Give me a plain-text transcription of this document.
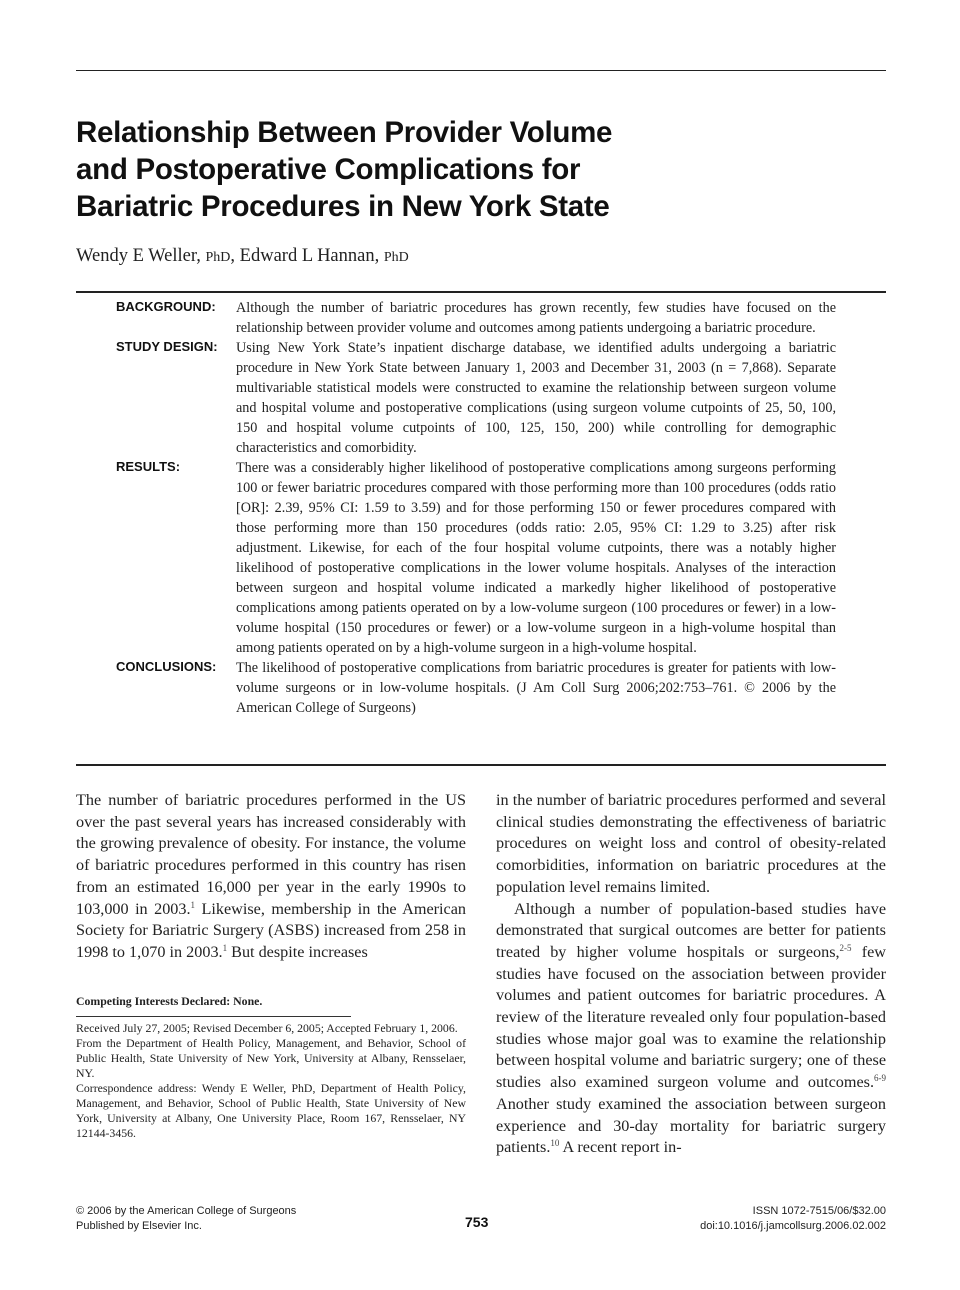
Relationship Between Provider Volume
and Postoperative Complications for
Bariatric Procedures in New York State
Wendy E Weller, PhD, Edward L Hannan, PhD
BACKGROUND: Although the number of bariatric procedures has grown recently, few studies have focused on the relationship between provider volume and outcomes among patients undergoing a bariatric procedure.
STUDY DESIGN: Using New York State’s inpatient discharge database, we identified adults undergoing a bariatric procedure in New York State between January 1, 2003 and December 31, 2003 (n = 7,868). Separate multivariable statistical models were constructed to examine the relationship between surgeon volume and hospital volume and postoperative complications (using surgeon volume cutpoints of 25, 50, 100, 150 and hospital volume cutpoints of 100, 125, 150, 200) while controlling for demographic characteristics and comorbidity.
RESULTS:	There was a considerably higher likelihood of postoperative complications among surgeons performing 100 or fewer bariatric procedures compared with those performing more than 100 procedures (odds ratio [OR]: 2.39, 95% CI: 1.59 to 3.59) and for those performing 150 or fewer procedures compared with those performing more than 150 procedures (odds ratio: 2.05, 95% CI: 1.29 to 3.25) after risk adjustment. Likewise, for each of the four hospital volume cutpoints, there was a notably higher likelihood of postoperative complications in the lower volume hospitals. Analyses of the interaction between surgeon and hospital volume indicated a markedly higher likelihood of postoperative complications among patients operated on by a low-volume surgeon (100 procedures or fewer) in a low-volume hospital (150 procedures or fewer) or a low-volume surgeon in a high-volume hospital than among patients operated on by a high-volume surgeon in a high-volume hospital.
CONCLUSIONS: The likelihood of postoperative complications from bariatric procedures is greater for patients with low-volume surgeons or in low-volume hospitals. (J Am Coll Surg 2006;202:753–761. © 2006 by the American College of Surgeons)

The number of bariatric procedures performed in the US over the past several years has increased considerably with the growing prevalence of obesity. For instance, the volume of bariatric procedures performed in this country has risen from an estimated 16,000 per year in the early 1990s to 103,000 in 2003.$^1$ Likewise, membership in the American Society for Bariatric Surgery (ASBS) increased from 258 in 1998 to 1,070 in 2003.$^1$ But despite increases

Competing Interests Declared: None.

Received July 27, 2005; Revised December 6, 2005; Accepted February 1, 2006.

From the Department of Health Policy, Management, and Behavior, School of Public Health, State University of New York, University at Albany, Rensselaer, NY.

Correspondence address: Wendy E Weller, PhD, Department of Health Policy, Management, and Behavior, School of Public Health, State University of New York, University at Albany, One University Place, Room 167, Rensselaer, NY 12144-3456.

in the number of bariatric procedures performed and several clinical studies demonstrating the effectiveness of bariatric procedures on weight loss and control of obesity-related comorbidities, information on bariatric procedures at the population level remains limited.

Although a number of population-based studies have demonstrated that surgical outcomes are better for patients treated by higher volume hospitals or surgeons,$^{2-5}$ few studies have focused on the association between provider volumes and patient outcomes for bariatric procedures. A review of the literature revealed only four population-based studies whose major goal was to examine the relationship between hospital volume and bariatric surgery; one of these studies also examined surgeon volume and outcomes.$^{6-9}$ Another study examined the association between surgeon experience and 30-day mortality for bariatric surgery patients.$^{10}$ A recent report in-

© 2006 by the American College of Surgeons
Published by Elsevier Inc.	753
ISSN 1072-7515/06/$32.00
doi:10.1016/j.jamcollsurg.2006.02.002
